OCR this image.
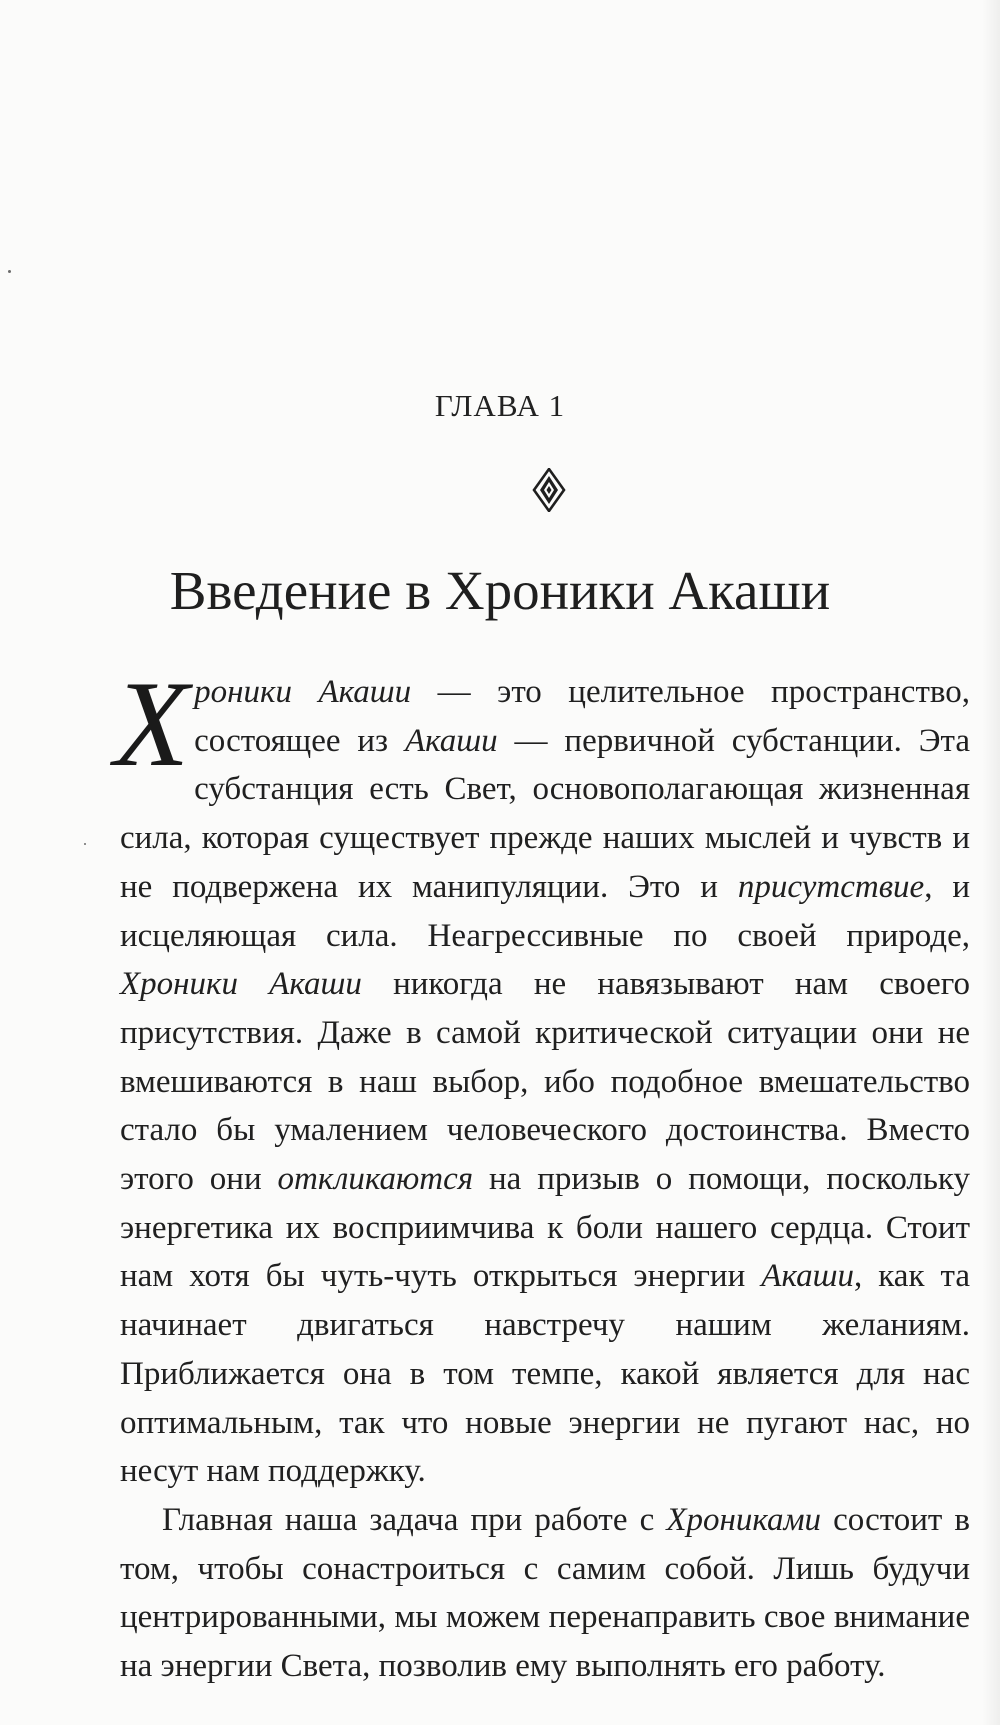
ГЛАВА 1
Введение в Хроники Акаши

Хроники Акаши — это целительное пространство, состоящее из Акаши — первичной субстанции. Эта субстанция есть Свет, основополагающая жизненная сила, которая существует прежде наших мыслей и чувств и не подвержена их манипуляции. Это и присутствие, и исцеляющая сила. Неагрессивные по своей природе, Хроники Акаши никогда не навязывают нам своего присутствия. Даже в самой критической ситуации они не вмешиваются в наш выбор, ибо подобное вмешательство стало бы умалением человеческого достоинства. Вместо этого они откликаются на призыв о помощи, поскольку энергетика их восприимчива к боли нашего сердца. Стоит нам хотя бы чуть-чуть открыться энергии Акаши, как та начинает двигаться навстречу нашим желаниям. Приближается она в том темпе, какой является для нас оптимальным, так что новые энергии не пугают нас, но несут нам поддержку.

Главная наша задача при работе с Хрониками состоит в том, чтобы сонастроиться с самим собой. Лишь будучи центрированными, мы можем перенаправить свое внимание на энергии Света, позволив ему выполнять его работу.
